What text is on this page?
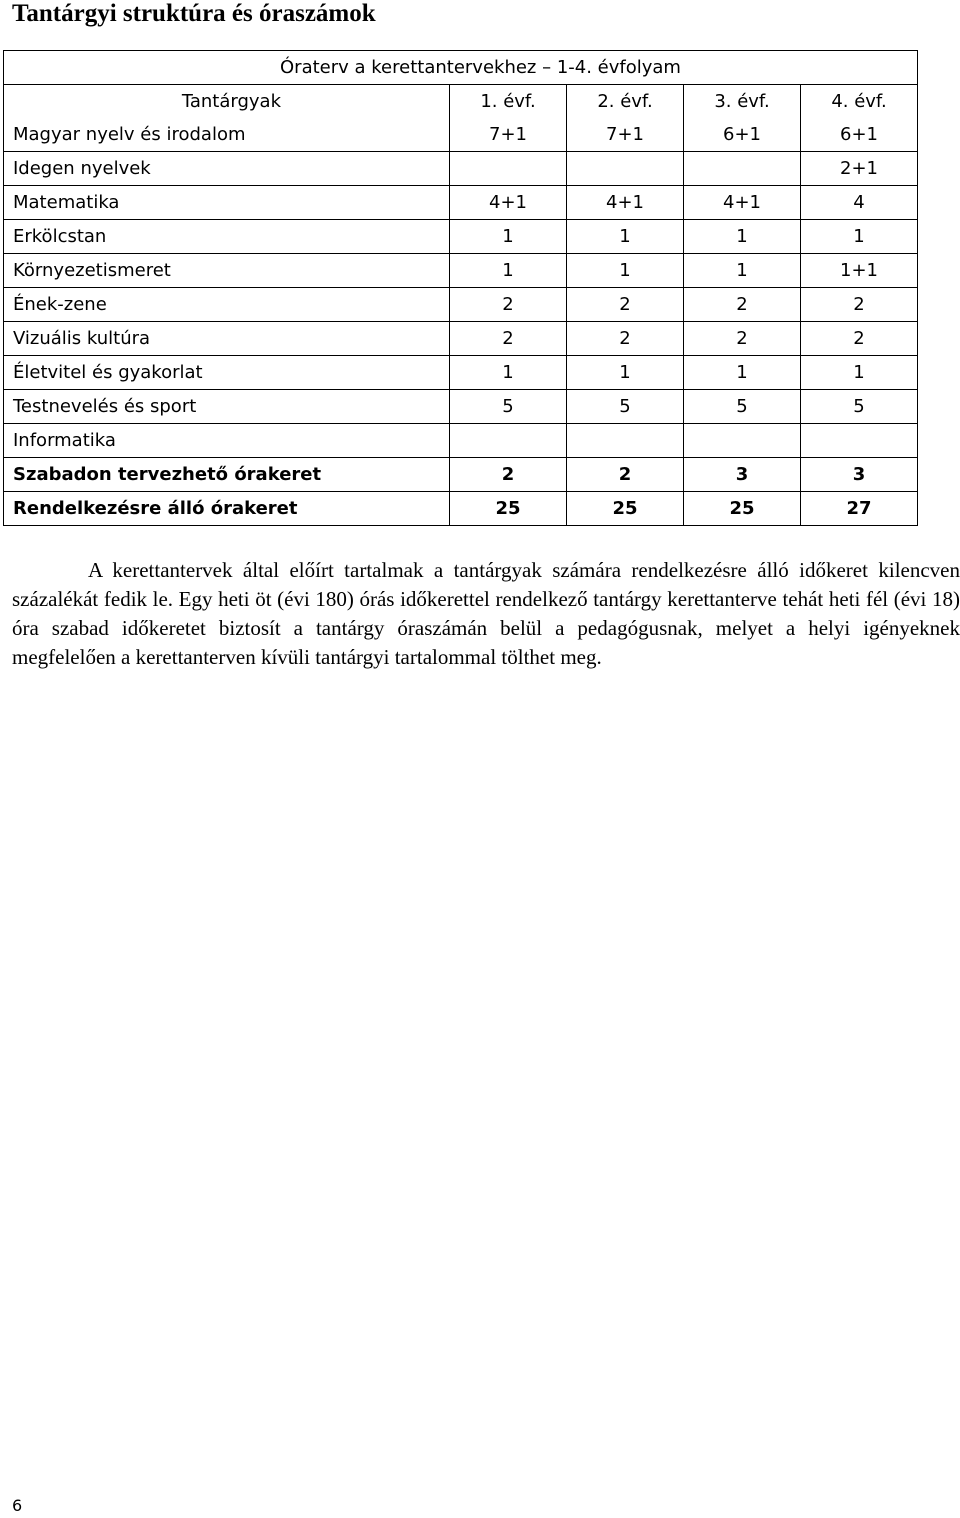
Tantárgyi struktúra és óraszámok
Óraterv a kerettantervekhez – 1-4. évfolyam				
Tantárgyak	1. évf.	2. évf.	3. évf.	4. évf.
Magyar nyelv és irodalom	7+1	7+1	6+1	6+1
Idegen nyelvek				2+1
Matematika	4+1	4+1	4+1	4
Erkölcstan	1	1	1	1
Környezetismeret	1	1	1	1+1
Ének-zene	2	2	2	2
Vizuális kultúra	2	2	2	2
Életvitel és gyakorlat	1	1	1	1
Testnevelés és sport	5	5	5	5
Informatika				
Szabadon tervezhető órakeret	2	2	3	3
Rendelkezésre álló órakeret	25	25	25	27

A kerettantervek által előírt tartalmak a tantárgyak számára rendelkezésre álló időkeret kilencven százalékát fedik le. Egy heti öt (évi 180) órás időkerettel rendelkező tantárgy kerettanterve tehát heti fél (évi 18) óra szabad időkeretet biztosít a tantárgy óraszámán belül a pedagógusnak, melyet a helyi igényeknek megfelelően a kerettanterven kívüli tantárgyi tartalommal tölthet meg.

6
